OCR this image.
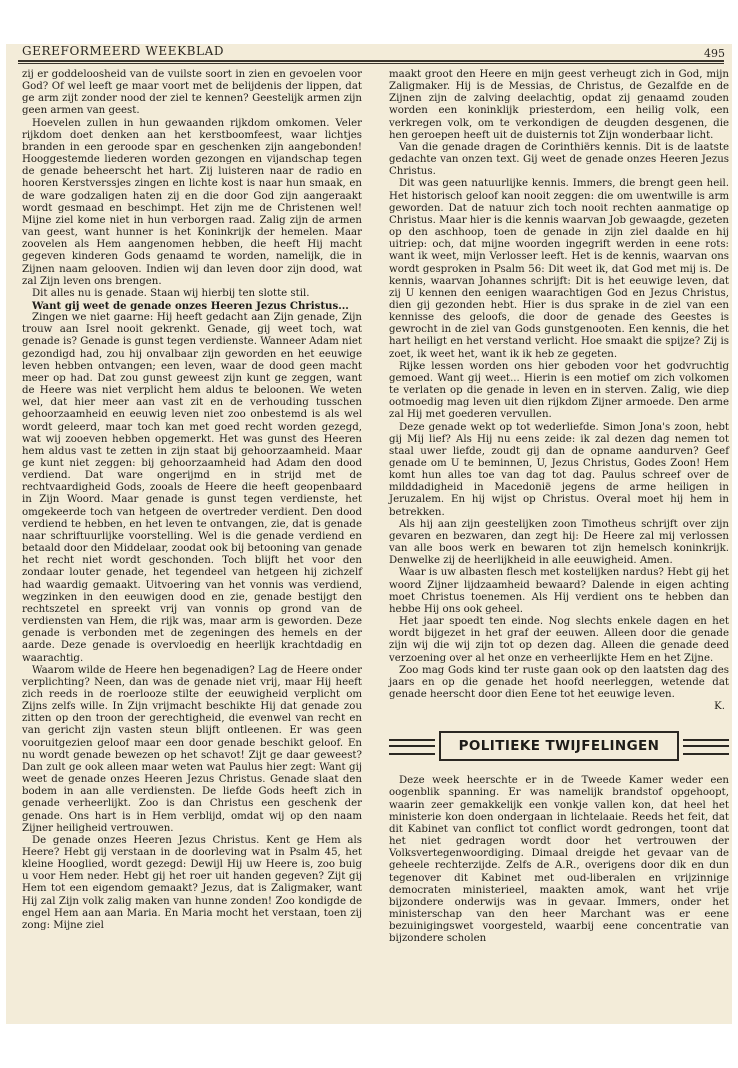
GEREFORMEERD WEEKBLAD	495

zij er goddeloosheid van de vuilste soort in zien en gevoelen voor God? Of wel leeft ge maar voort met de belijdenis der lippen, dat ge arm zijt zonder nood der ziel te kennen? Geestelijk armen zijn geen armen van geest.

Hoevelen zullen in hun gewaanden rijkdom omkomen. Veler rijkdom doet denken aan het kerstboomfeest, waar lichtjes branden in een geroode spar en geschenken zijn aangebonden! Hooggestemde liederen worden gezongen en vijandschap tegen de genade beheerscht het hart. Zij luisteren naar de radio en hooren Kerstverssjes zingen en lichte kost is naar hun smaak, en de ware godzaligen haten zij en die door God zijn aangeraakt wordt gesmaad en beschimpt. Het zijn me de Christenen wel! Mijne ziel kome niet in hun verborgen raad. Zalig zijn de armen van geest, want hunner is het Koninkrijk der hemelen. Maar zoovelen als Hem aangenomen hebben, die heeft Hij macht gegeven kinderen Gods genaamd te worden, namelijk, die in Zijnen naam gelooven. Indien wij dan leven door zijn dood, wat zal Zijn leven ons brengen.

Dit alles nu is genade. Staan wij hierbij ten slotte stil.

Want gij weet de genade onzes Heeren Jezus Christus...

Zingen we niet gaarne: Hij heeft gedacht aan Zijn genade, Zijn trouw aan Isrel nooit gekrenkt. Genade, gij weet toch, wat genade is? Genade is gunst tegen verdienste. Wanneer Adam niet gezondigd had, zou hij onvalbaar zijn geworden en het eeuwige leven hebben ontvangen; een leven, waar de dood geen macht meer op had. Dat zou gunst geweest zijn kunt ge zeggen, want de Heere was niet verplicht hem aldus te beloonen. We weten wel, dat hier meer aan vast zit en de verhouding tusschen gehoorzaamheid en eeuwig leven niet zoo onbestemd is als wel wordt geleerd, maar toch kan met goed recht worden gezegd, wat wij zooeven hebben opgemerkt. Het was gunst des Heeren hem aldus vast te zetten in zijn staat bij gehoorzaamheid. Maar ge kunt niet zeggen: bij gehoorzaamheid had Adam den dood verdiend. Dat ware ongerijmd en in strijd met de rechtvaardigheid Gods, zooals de Heere die heeft geopenbaard in Zijn Woord. Maar genade is gunst tegen verdienste, het omgekeerde toch van hetgeen de overtreder verdient. Den dood verdiend te hebben, en het leven te ontvangen, zie, dat is genade naar schriftuurlijke voorstelling. Wel is die genade verdiend en betaald door den Middelaar, zoodat ook bij betooning van genade het recht niet wordt geschonden. Toch blijft het voor den zondaar louter genade, het tegendeel van hetgeen hij zichzelf had waardig gemaakt. Uitvoering van het vonnis was verdiend, wegzinken in den eeuwigen dood en zie, genade bestijgt den rechtszetel en spreekt vrij van vonnis op grond van de verdiensten van Hem, die rijk was, maar arm is geworden. Deze genade is verbonden met de zegeningen des hemels en der aarde. Deze genade is overvloedig en heerlijk krachtdadig en waarachtig.

Waarom wilde de Heere hen begenadigen? Lag de Heere onder verplichting? Neen, dan was de genade niet vrij, maar Hij heeft zich reeds in de roerlooze stilte der eeuwigheid verplicht om Zijns zelfs wille. In Zijn vrijmacht beschikte Hij dat genade zou zitten op den troon der gerechtigheid, die evenwel van recht en van gericht zijn vasten steun blijft ontleenen. Er was geen vooruitgezien geloof maar een door genade beschikt geloof. En nu wordt genade bewezen op het schavot! Zijt ge daar geweest? Dan zult ge ook alleen maar weten wat Paulus hier zegt: Want gij weet de genade onzes Heeren Jezus Christus. Genade slaat den bodem in aan alle verdiensten. De liefde Gods heeft zich in genade verheerlijkt. Zoo is dan Christus een geschenk der genade. Ons hart is in Hem verblijd, omdat wij op den naam Zijner heiligheid vertrouwen.

De genade onzes Heeren Jezus Christus. Kent ge Hem als Heere? Hebt gij verstaan in de doorleving wat in Psalm 45, het kleine Hooglied, wordt gezegd: Dewijl Hij uw Heere is, zoo buig u voor Hem neder. Hebt gij het roer uit handen gegeven? Zijt gij Hem tot een eigendom gemaakt? Jezus, dat is Zaligmaker, want Hij zal Zijn volk zalig maken van hunne zonden! Zoo kondigde de engel Hem aan aan Maria. En Maria mocht het verstaan, toen zij zong: Mijne ziel

maakt groot den Heere en mijn geest verheugt zich in God, mijn Zaligmaker. Hij is de Messias, de Christus, de Gezalfde en de Zijnen zijn de zalving deelachtig, opdat zij genaamd zouden worden een koninklijk priesterdom, een heilig volk, een verkregen volk, om te verkondigen de deugden desgenen, die hen geroepen heeft uit de duisternis tot Zijn wonderbaar licht.

Van die genade dragen de Corinthiërs kennis. Dit is de laatste gedachte van onzen text. Gij weet de genade onzes Heeren Jezus Christus.

Dit was geen natuurlijke kennis. Immers, die brengt geen heil. Het historisch geloof kan nooit zeggen: die om uwentwille is arm geworden. Dat de natuur zich toch nooit rechten aanmatige op Christus. Maar hier is die kennis waarvan Job gewaagde, gezeten op den aschhoop, toen de genade in zijn ziel daalde en hij uitriep: och, dat mijne woorden ingegrift werden in eene rots: want ik weet, mijn Verlosser leeft. Het is de kennis, waarvan ons wordt gesproken in Psalm 56: Dit weet ik, dat God met mij is. De kennis, waarvan Johannes schrijft: Dit is het eeuwige leven, dat zij U kennen den eenigen waarachtigen God en Jezus Christus, dien gij gezonden hebt. Hier is dus sprake in de ziel van een kennisse des geloofs, die door de genade des Geestes is gewrocht in de ziel van Gods gunstgenooten. Een kennis, die het hart heiligt en het verstand verlicht. Hoe smaakt die spijze? Zij is zoet, ik weet het, want ik ik heb ze gegeten.

Rijke lessen worden ons hier geboden voor het godvruchtig gemoed. Want gij weet... Hierin is een motief om zich volkomen te verlaten op die genade in leven en in sterven. Zalig, wie diep ootmoedig mag leven uit dien rijkdom Zijner armoede. Den arme zal Hij met goederen vervullen.

Deze genade wekt op tot wederliefde. Simon Jona's zoon, hebt gij Mij lief? Als Hij nu eens zeide: ik zal dezen dag nemen tot staal uwer liefde, zoudt gij dan de opname aandurven? Geef genade om U te beminnen, U, Jezus Christus, Godes Zoon! Hem komt hun alles toe van dag tot dag. Paulus schreef over de milddadigheid in Macedonië jegens de arme heiligen in Jeruzalem. En hij wijst op Christus. Overal moet hij hem in betrekken.

Als hij aan zijn geestelijken zoon Timotheus schrijft over zijn gevaren en bezwaren, dan zegt hij: De Heere zal mij verlossen van alle boos werk en bewaren tot zijn hemelsch koninkrijk. Denwelke zij de heerlijkheid in alle eeuwigheid. Amen.

Waar is uw albasten flesch met kostelijken nardus? Hebt gij het woord Zijner lijdzaamheid bewaard? Dalende in eigen achting moet Christus toenemen. Als Hij verdient ons te hebben dan hebbe Hij ons ook geheel.

Het jaar spoedt ten einde. Nog slechts enkele dagen en het wordt bijgezet in het graf der eeuwen. Alleen door die genade zijn wij die wij zijn tot op dezen dag. Alleen die genade deed verzoening over al het onze en verheerlijkte Hem en het Zijne.

Zoo mag Gods kind ter ruste gaan ook op den laatsten dag des jaars en op die genade het hoofd neerleggen, wetende dat genade heerscht door dien Eene tot het eeuwige leven.

K.

POLITIEKE TWIJFELINGEN

Deze week heerschte er in de Tweede Kamer weder een oogenblik spanning. Er was namelijk brandstof opgehoopt, waarin zeer gemakkelijk een vonkje vallen kon, dat heel het ministerie kon doen ondergaan in lichtelaaie. Reeds het feit, dat dit Kabinet van conflict tot conflict wordt gedrongen, toont dat het niet gedragen wordt door het vertrouwen der Volksvertegenwoordiging. Dimaal dreigde het gevaar van de geheele rechterzijde. Zelfs de A.R., overigens door dik en dun tegenover dit Kabinet met oud-liberalen en vrijzinnige democraten ministerieel, maakten amok, want het vrije bijzondere onderwijs was in gevaar. Immers, onder het ministerschap van den heer Marchant was er eene bezuinigingswet voorgesteld, waarbij eene concentratie van bijzondere scholen
